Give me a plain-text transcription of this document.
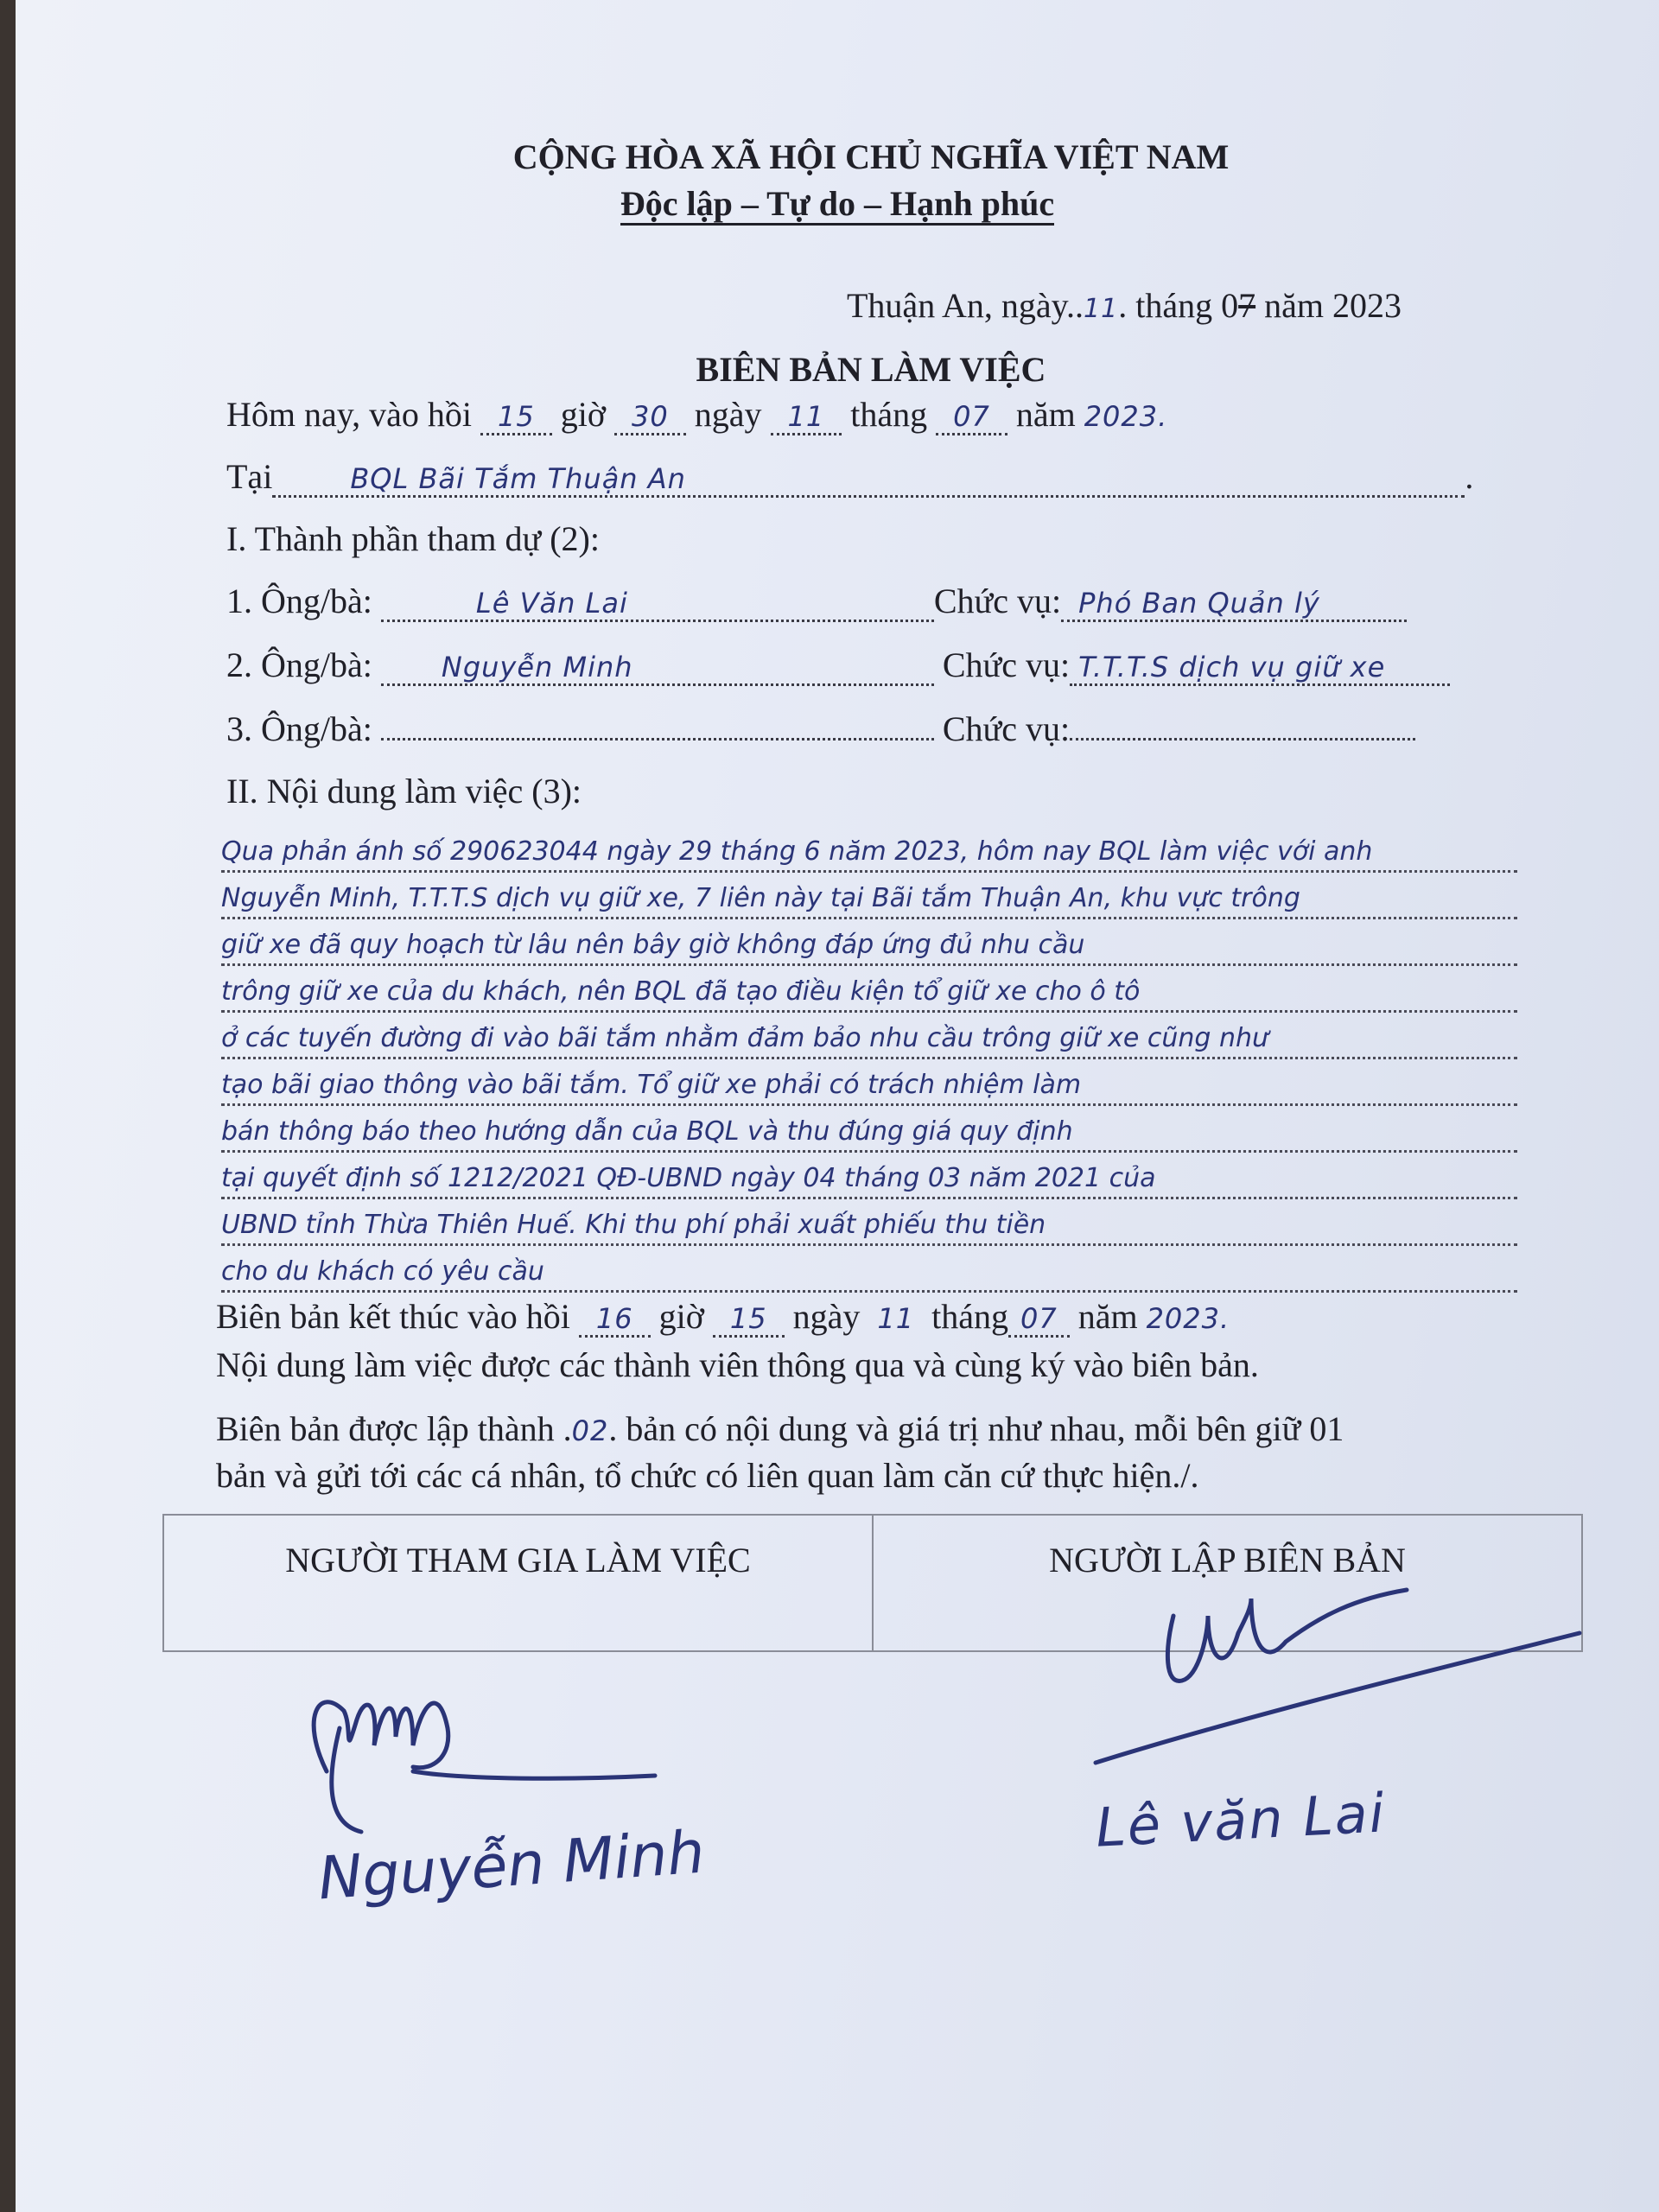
CỘNG HÒA XÃ HỘI CHỦ NGHĨA VIỆT NAM
Độc lập – Tự do – Hạnh phúc
Thuận An, ngày..11. tháng 07 năm 2023
BIÊN BẢN LÀM VIỆC
Hôm nay, vào hồi 15 giờ 30 ngày 11 tháng 07 năm 2023.
Tại	BQL Bãi Tắm Thuận An	.
I. Thành phần tham dự (2):
1. Ông/bà:	Lê Văn Lai	Chức vụ: Phó Ban Quản lý
2. Ông/bà: Nguyễn Minh	Chức vụ: T.T.T.S dịch vụ giữ xe
3. Ông/bà:	Chức vụ:
II. Nội dung làm việc (3):
Qua phản ánh số 290623044 ngày 29 tháng 6 năm 2023, hôm nay BQL làm việc với anh
Nguyễn Minh, T.T.T.S dịch vụ giữ xe, 7 liên này tại Bãi tắm Thuận An, khu vực trông
giữ xe đã quy hoạch từ lâu nên bây giờ không đáp ứng đủ nhu cầu
trông giữ xe của du khách, nên BQL đã tạo điều kiện tổ giữ xe cho ô tô
ở các tuyến đường đi vào bãi tắm nhằm đảm bảo nhu cầu trông giữ xe cũng như
tạo bãi giao thông vào bãi tắm. Tổ giữ xe phải có trách nhiệm làm
bán thông báo theo hướng dẫn của BQL và thu đúng giá quy định
tại quyết định số 1212/2021 QĐ-UBND ngày 04 tháng 03 năm 2021 của
UBND tỉnh Thừa Thiên Huế. Khi thu phí phải xuất phiếu thu tiền
cho du khách có yêu cầu
Biên bản kết thúc vào hồi 16 giờ 15 ngày 11 tháng 07 năm 2023.
Nội dung làm việc được các thành viên thông qua và cùng ký vào biên bản.
Biên bản được lập thành .02. bản có nội dung và giá trị như nhau, mỗi bên giữ 01
bản và gửi tới các cá nhân, tổ chức có liên quan làm căn cứ thực hiện./.
NGƯỜI THAM GIA LÀM VIỆC	NGƯỜI LẬP BIÊN BẢN
Nguyễn Minh	Lê văn Lai
